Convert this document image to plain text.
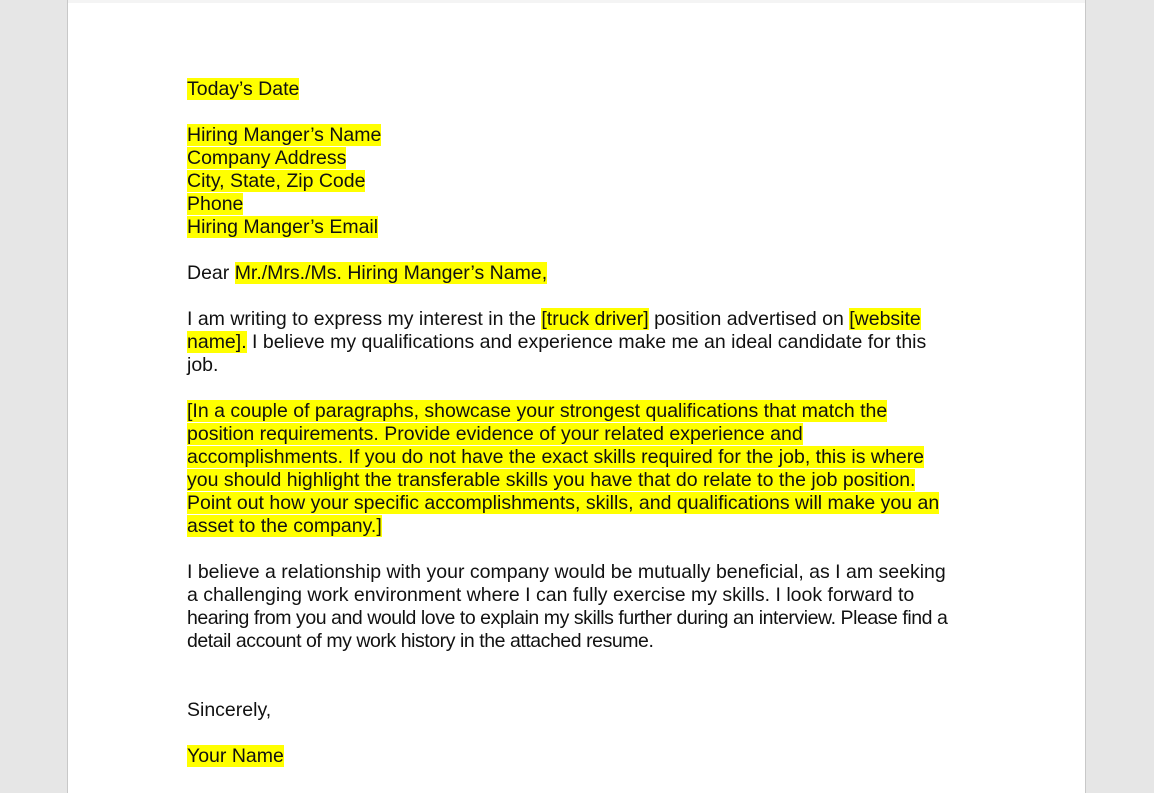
Today’s Date
Hiring Manger’s Name
Company Address
City, State, Zip Code
Phone
Hiring Manger’s Email
Dear Mr./Mrs./Ms. Hiring Manger’s Name,
I am writing to express my interest in the [truck driver] position advertised on [website
name]. I believe my qualifications and experience make me an ideal candidate for this
job.
[In a couple of paragraphs, showcase your strongest qualifications that match the
position requirements. Provide evidence of your related experience and
accomplishments. If you do not have the exact skills required for the job, this is where
you should highlight the transferable skills you have that do relate to the job position.
Point out how your specific accomplishments, skills, and qualifications will make you an
asset to the company.]
I believe a relationship with your company would be mutually beneficial, as I am seeking
a challenging work environment where I can fully exercise my skills. I look forward to
hearing from you and would love to explain my skills further during an interview. Please find a
detail account of my work history in the attached resume.
Sincerely,
Your Name
